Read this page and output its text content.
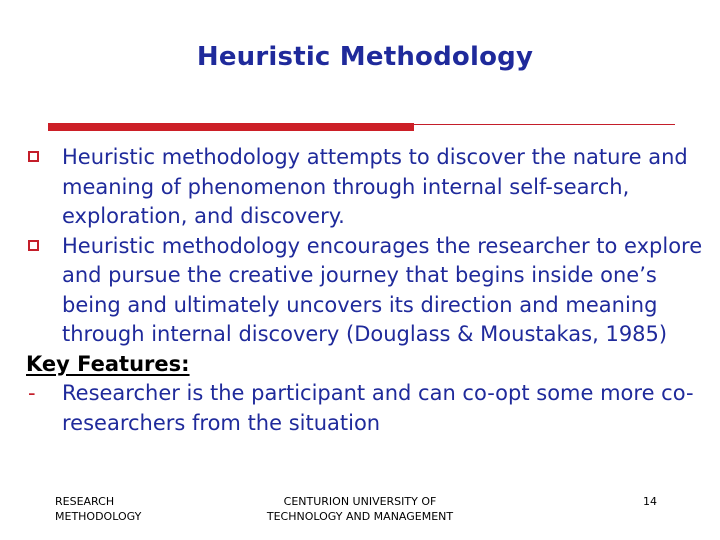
Heuristic Methodology
Heuristic methodology attempts to discover the nature and meaning of phenomenon through internal self-search, exploration, and discovery.
Heuristic methodology encourages the researcher to explore and pursue the creative journey that begins inside one’s being and ultimately uncovers its direction and meaning through internal discovery (Douglass & Moustakas, 1985)
Key Features:
- Researcher is the participant and can co-opt some more co-researchers from the situation
RESEARCH
METHODOLOGY
CENTURION UNIVERSITY OF
TECHNOLOGY AND MANAGEMENT
14
